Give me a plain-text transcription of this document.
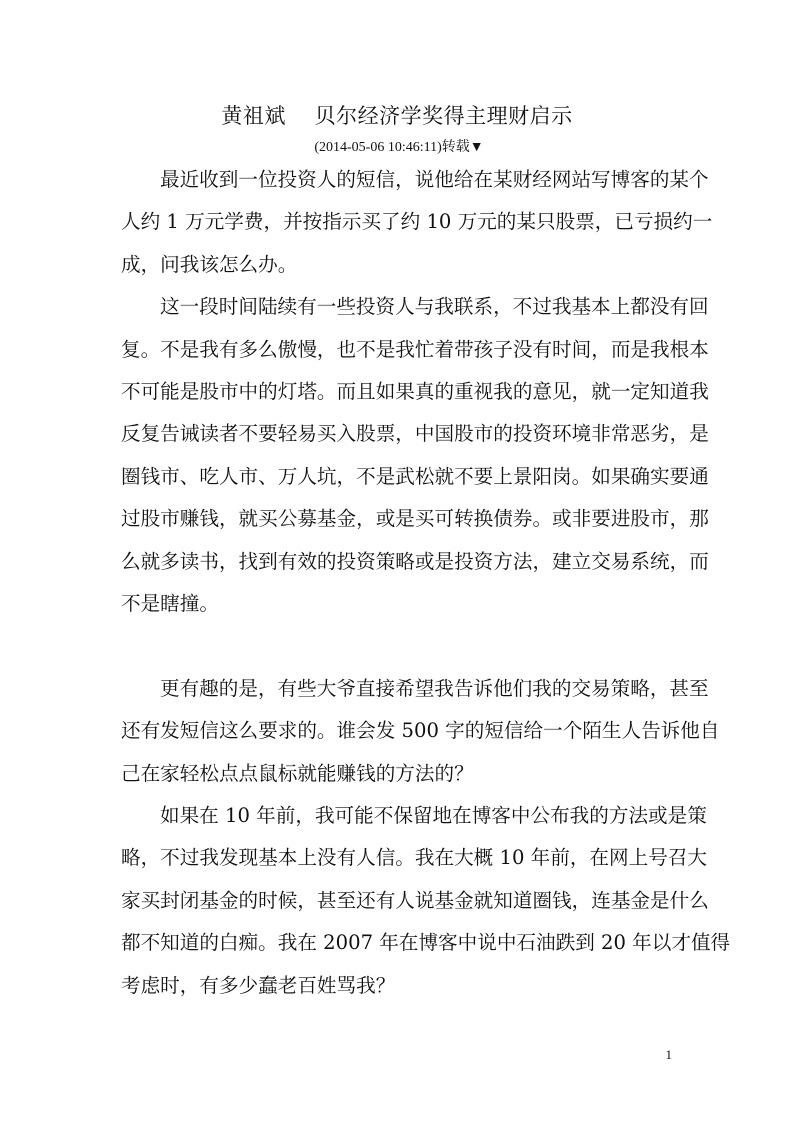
黄祖斌　 贝尔经济学奖得主理财启示
(2014-05-06 10:46:11)转载▼

最近收到一位投资人的短信，说他给在某财经网站写博客的某个
人约 1 万元学费，并按指示买了约 10 万元的某只股票，已亏损约一
成，问我该怎么办。

这一段时间陆续有一些投资人与我联系，不过我基本上都没有回
复。不是我有多么傲慢，也不是我忙着带孩子没有时间，而是我根本
不可能是股市中的灯塔。而且如果真的重视我的意见，就一定知道我
反复告诫读者不要轻易买入股票，中国股市的投资环境非常恶劣，是
圈钱市、吃人市、万人坑，不是武松就不要上景阳岗。如果确实要通
过股市赚钱，就买公募基金，或是买可转换债券。或非要进股市，那
么就多读书，找到有效的投资策略或是投资方法，建立交易系统，而
不是瞎撞。

更有趣的是，有些大爷直接希望我告诉他们我的交易策略，甚至
还有发短信这么要求的。谁会发 500 字的短信给一个陌生人告诉他自
己在家轻松点点鼠标就能赚钱的方法的？

如果在 10 年前，我可能不保留地在博客中公布我的方法或是策
略，不过我发现基本上没有人信。我在大概 10 年前，在网上号召大
家买封闭基金的时候，甚至还有人说基金就知道圈钱，连基金是什么
都不知道的白痴。我在 2007 年在博客中说中石油跌到 20 年以才值得
考虑时，有多少蠢老百姓骂我？

1
